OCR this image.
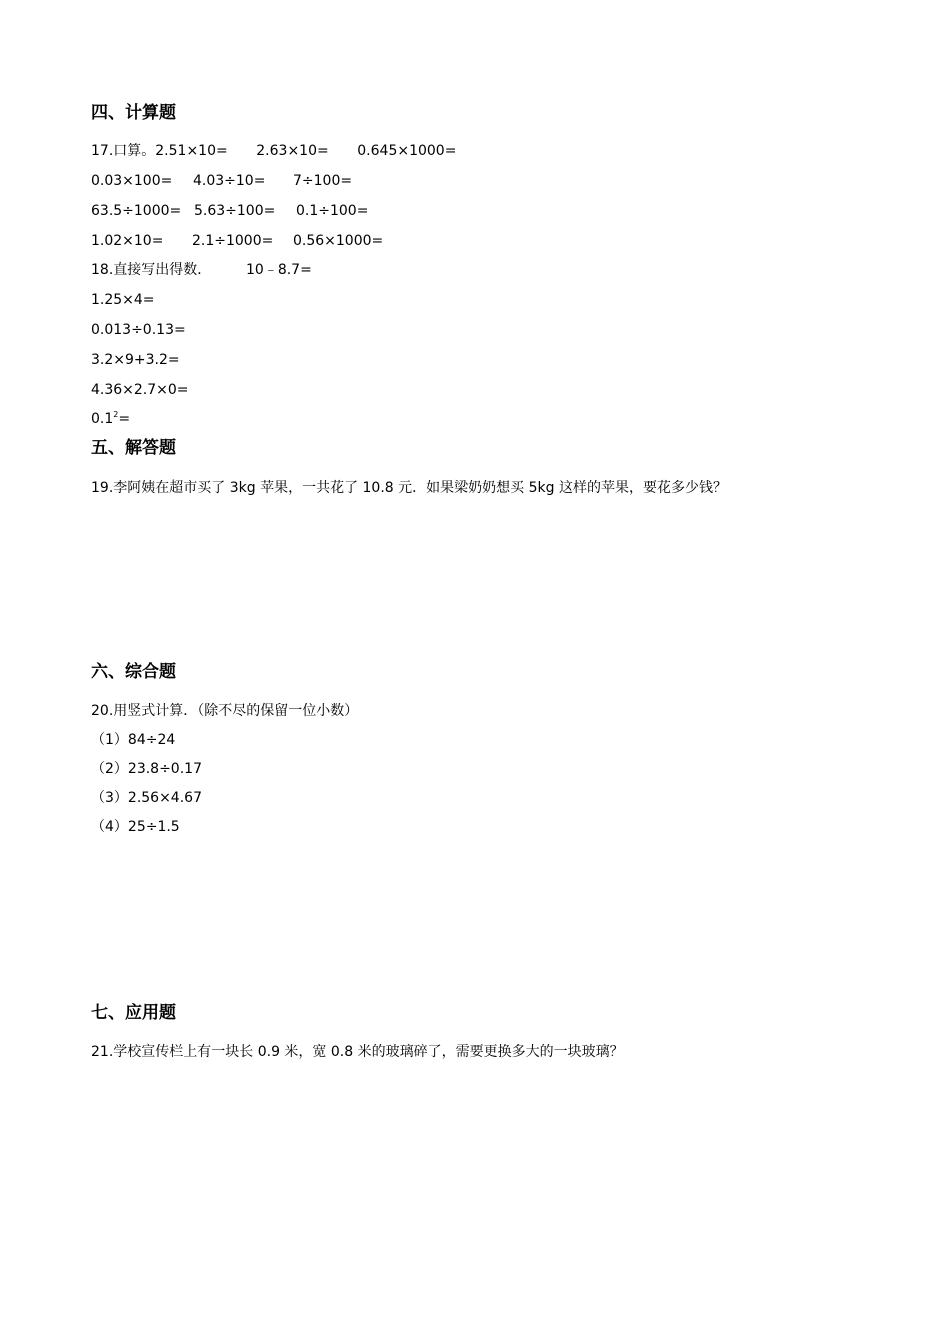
四、计算题
17.口算。2.51×10= 2.63×10= 0.645×1000=
0.03×100= 4.03÷10= 7÷100=
63.5÷1000= 5.63÷100= 0.1÷100=
1.02×10= 2.1÷1000= 0.56×1000=
18.直接写出得数． 10﹣8.7=
1.25×4=
0.013÷0.13=
3.2×9+3.2=
4.36×2.7×0=
$0.1^2=$
五、解答题
19.李阿姨在超市买了 3kg 苹果，一共花了 10.8 元．如果梁奶奶想买 5kg 这样的苹果，要花多少钱？
六、综合题
20.用竖式计算．（除不尽的保留一位小数）
（1）84÷24
（2）23.8÷0.17
（3）2.56×4.67
（4）25÷1.5
七、应用题
21.学校宣传栏上有一块长 0.9 米，宽 0.8 米的玻璃碎了，需要更换多大的一块玻璃？
